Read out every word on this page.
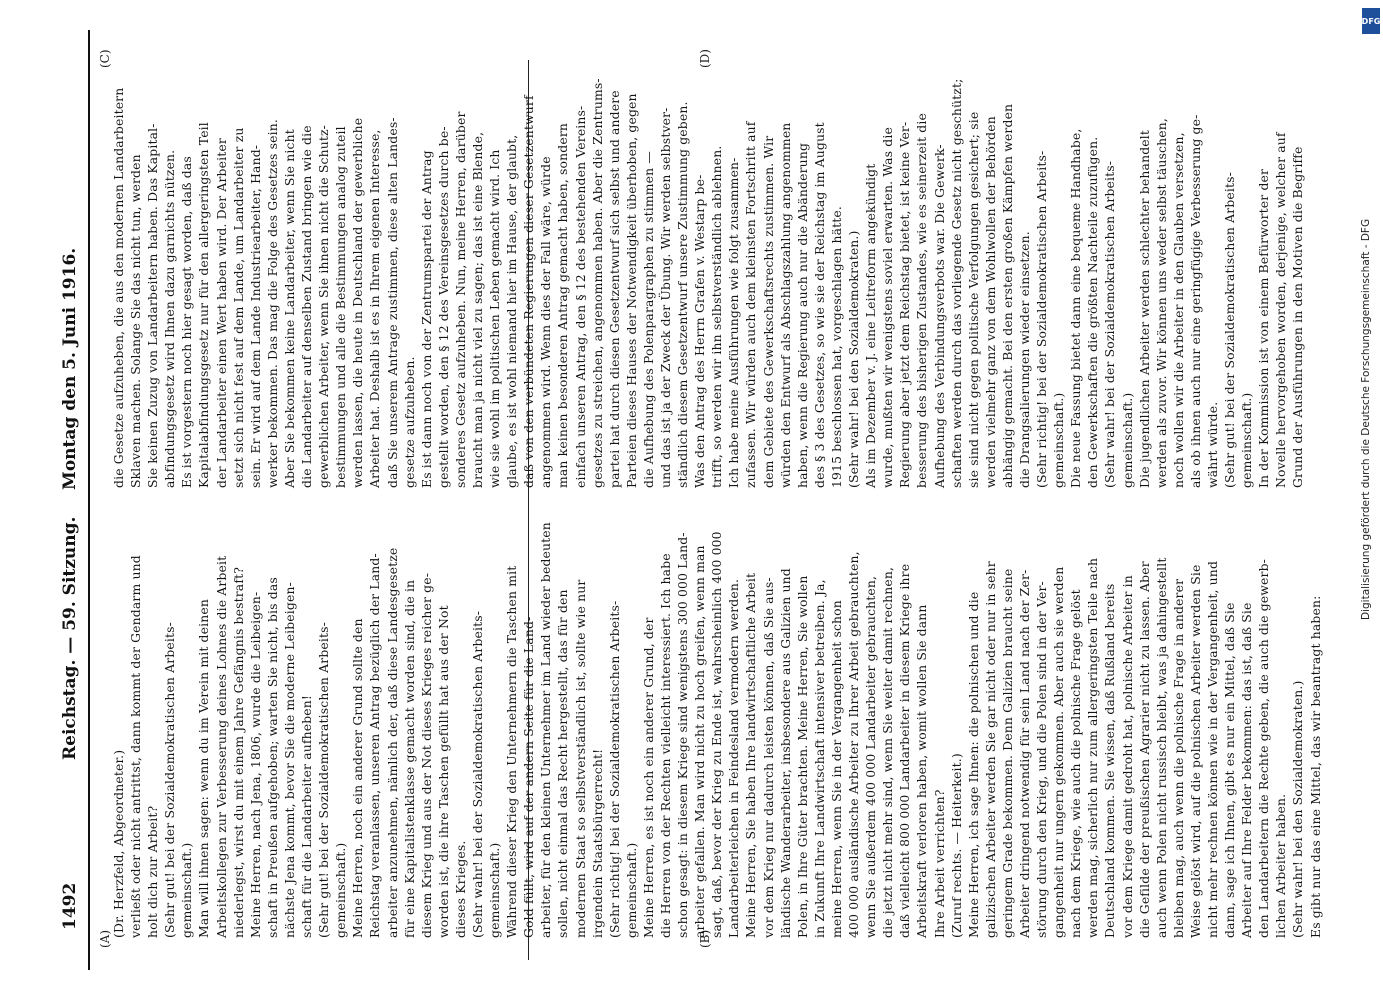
1492
Reichstag. — 59. Sitzung.
Montag den 5. Juni 1916.
(A)	(B)
(C)	(D)
(Dr. Herzfeld, Abgeordneter.) verließt oder nicht antrittst, dann kommt der Gendarm und holt dich zur Arbeit? (Sehr gut! bei der Sozialdemokratischen Arbeits- gemeinschaft.) Man will ihnen sagen: wenn du im Verein mit deinen Arbeitskollegen zur Verbesserung deines Lohnes die Arbeit niederlegst, wirst du mit einem Jahre Gefängnis bestraft? Meine Herren, nach Jena, 1806, wurde die Leibeigen- schaft in Preußen aufgehoben; warten Sie nicht, bis das nächste Jena kommt, bevor Sie die moderne Leibeigen- schaft für die Landarbeiter aufheben! (Sehr gut! bei der Sozialdemokratischen Arbeits- gemeinschaft.) Meine Herren, noch ein anderer Grund sollte den Reichstag veranlassen, unseren Antrag bezüglich der Land- arbeiter anzunehmen, nämlich der, daß diese Landesgesetze für eine Kapitalistenklasse gemacht worden sind, die in diesem Krieg und aus der Not dieses Krieges reicher ge- worden ist, die ihre Taschen gefüllt hat aus der Not dieses Krieges. (Sehr wahr! bei der Sozialdemokratischen Arbeits- gemeinschaft.) Während dieser Krieg den Unternehmern die Taschen mit Gold füllt, wird auf der andern Seite für die Land- arbeiter, für den kleinen Unternehmer im Land wieder bedeuten sollen, nicht einmal das Recht hergestellt, das für den modernen Staat so selbstverständlich ist, sollte wie nur irgendein Staatsbürgerrecht! (Sehr richtig! bei der Sozialdemokratischen Arbeits- gemeinschaft.) Meine Herren, es ist noch ein anderer Grund, der die Herren von der Rechten vielleicht interessiert. Ich habe schon gesagt: in diesem Kriege sind wenigstens 300 000 Land- arbeiter gefallen. Man wird nicht zu hoch greifen, wenn man sagt, daß, bevor der Krieg zu Ende ist, wahrscheinlich 400 000 Landarbeiterleichen in Feindesland vermodern werden. Meine Herren, Sie haben Ihre landwirtschaftliche Arbeit vor dem Krieg nur dadurch leisten können, daß Sie aus- ländische Wanderarbeiter, insbesondere aus Galizien und Polen, in Ihre Güter brachten. Meine Herren, Sie wollen in Zukunft Ihre Landwirtschaft intensiver betreiben. Ja, meine Herren, wenn Sie in der Vergangenheit schon 400 000 ausländische Arbeiter zu Ihrer Arbeit gebrauchten, wenn Sie außerdem 400 000 Landarbeiter gebrauchten, die jetzt nicht mehr sind, wenn Sie weiter damit rechnen, daß vielleicht 800 000 Landarbeiter in diesem Kriege ihre Arbeitskraft verloren haben, womit wollen Sie dann Ihre Arbeit verrichten? (Zuruf rechts. — Heiterkeit.) Meine Herren, ich sage Ihnen: die polnischen und die galizischen Arbeiter werden Sie gar nicht oder nur in sehr geringem Grade bekommen. Denn Galizien braucht seine Arbeiter dringend notwendig für sein Land nach der Zer- störung durch den Krieg, und die Polen sind in der Ver- gangenheit nur ungern gekommen. Aber auch sie werden nach dem Kriege, wie auch die polnische Frage gelöst werden mag, sicherlich nur zum allergeringsten Teile nach Deutschland kommen. Sie wissen, daß Rußland bereits vor dem Kriege damit gedroht hat, polnische Arbeiter in die Gefilde der preußischen Agrarier nicht zu lassen. Aber auch wenn Polen nicht russisch bleibt, was ja dahingestellt bleiben mag, auch wenn die polnische Frage in anderer Weise gelöst wird, auf die polnischen Arbeiter werden Sie nicht mehr rechnen können wie in der Vergangenheit, und dann, sage ich Ihnen, gibt es nur ein Mittel, daß Sie Arbeiter auf Ihre Felder bekommen: das ist, daß Sie den Landarbeitern die Rechte geben, die auch die gewerb- lichen Arbeiter haben. (Sehr wahr! bei den Sozialdemokraten.) Es gibt nur das eine Mittel, das wir beantragt haben:
die Gesetze aufzuheben, die aus den modernen Landarbeitern Sklaven machen. Solange Sie das nicht tun, werden Sie keinen Zuzug von Landarbeitern haben. Das Kapital- abfindungsgesetz wird Ihnen dazu garnichts nützen. Es ist vorgestern noch hier gesagt worden, daß das Kapitalabfindungsgesetz nur für den allergeringsten Teil der Landarbeiter einen Wert haben wird. Der Arbeiter setzt sich nicht fest auf dem Lande, um Landarbeiter zu sein. Er wird auf dem Lande Industriearbeiter, Hand- werker bekommen. Das mag die Folge des Gesetzes sein. Aber Sie bekommen keine Landarbeiter, wenn Sie nicht die Landarbeiter auf denselben Zustand bringen wie die gewerblichen Arbeiter, wenn Sie ihnen nicht die Schutz- bestimmungen und alle die Bestimmungen analog zuteil werden lassen, die heute in Deutschland der gewerbliche Arbeiter hat. Deshalb ist es in Ihrem eigenen Interesse, daß Sie unserem Antrage zustimmen, diese alten Landes- gesetze aufzuheben. Es ist dann noch von der Zentrumspartei der Antrag gestellt worden, den § 12 des Vereinsgesetzes durch be- sonderes Gesetz aufzuheben. Nun, meine Herren, darüber braucht man ja nicht viel zu sagen; das ist eine Blende, wie sie wohl im politischen Leben gemacht wird. Ich glaube, es ist wohl niemand hier im Hause, der glaubt, daß von den verbündeten Regierungen dieser Gesetzentwurf angenommen wird. Wenn dies der Fall wäre, würde man keinen besonderen Antrag gemacht haben, sondern einfach unseren Antrag, den § 12 des bestehenden Vereins- gesetzes zu streichen, angenommen haben. Aber die Zentrums- partei hat durch diesen Gesetzentwurf sich selbst und andere Parteien dieses Hauses der Notwendigkeit überhoben, gegen die Aufhebung des Polenparagraphen zu stimmen — und das ist ja der Zweck der Übung. Wir werden selbstver- ständlich diesem Gesetzentwurf unsere Zustimmung geben. Was den Antrag des Herrn Grafen v. Westarp be- trifft, so werden wir ihn selbstverständlich ablehnen. Ich habe meine Ausführungen wie folgt zusammen- zufassen. Wir würden auch dem kleinsten Fortschritt auf dem Gebiete des Gewerkschaftsrechts zustimmen. Wir würden den Entwurf als Abschlagszahlung angenommen haben, wenn die Regierung auch nur die Abänderung des § 3 des Gesetzes, so wie sie der Reichstag im August 1915 beschlossen hat, vorgeschlagen hätte. (Sehr wahr! bei den Sozialdemokraten.) Als im Dezember v. J. eine Leitreform angekündigt wurde, mußten wir wenigstens soviel erwarten. Was die Regierung aber jetzt dem Reichstag bietet, ist keine Ver- besserung des bisherigen Zustandes, wie es seinerzeit die Aufhebung des Verbindungsverbots war. Die Gewerk- schaften werden durch das vorliegende Gesetz nicht geschützt; sie sind nicht gegen politische Verfolgungen gesichert; sie werden vielmehr ganz von dem Wohlwollen der Behörden abhängig gemacht. Bei den ersten großen Kämpfen werden die Drangsalierungen wieder einsetzen. (Sehr richtig! bei der Sozialdemokratischen Arbeits- gemeinschaft.) Die neue Fassung bietet dann eine bequeme Handhabe, den Gewerkschaften die größten Nachteile zuzufügen. (Sehr wahr! bei der Sozialdemokratischen Arbeits- gemeinschaft.) Die jugendlichen Arbeiter werden schlechter behandelt werden als zuvor. Wir können uns weder selbst täuschen, noch wollen wir die Arbeiter in den Glauben versetzen, als ob ihnen auch nur eine geringfügige Verbesserung ge- währt würde. (Sehr gut! bei der Sozialdemokratischen Arbeits- gemeinschaft.) In der Kommission ist von einem Befürworter der Novelle hervorgehoben worden, derjenige, welcher auf Grund der Ausführungen in den Motiven die Begriffe	Digitalisierung gefördert durch die Deutsche Forschungsgemeinschaft - DFG
DFG
